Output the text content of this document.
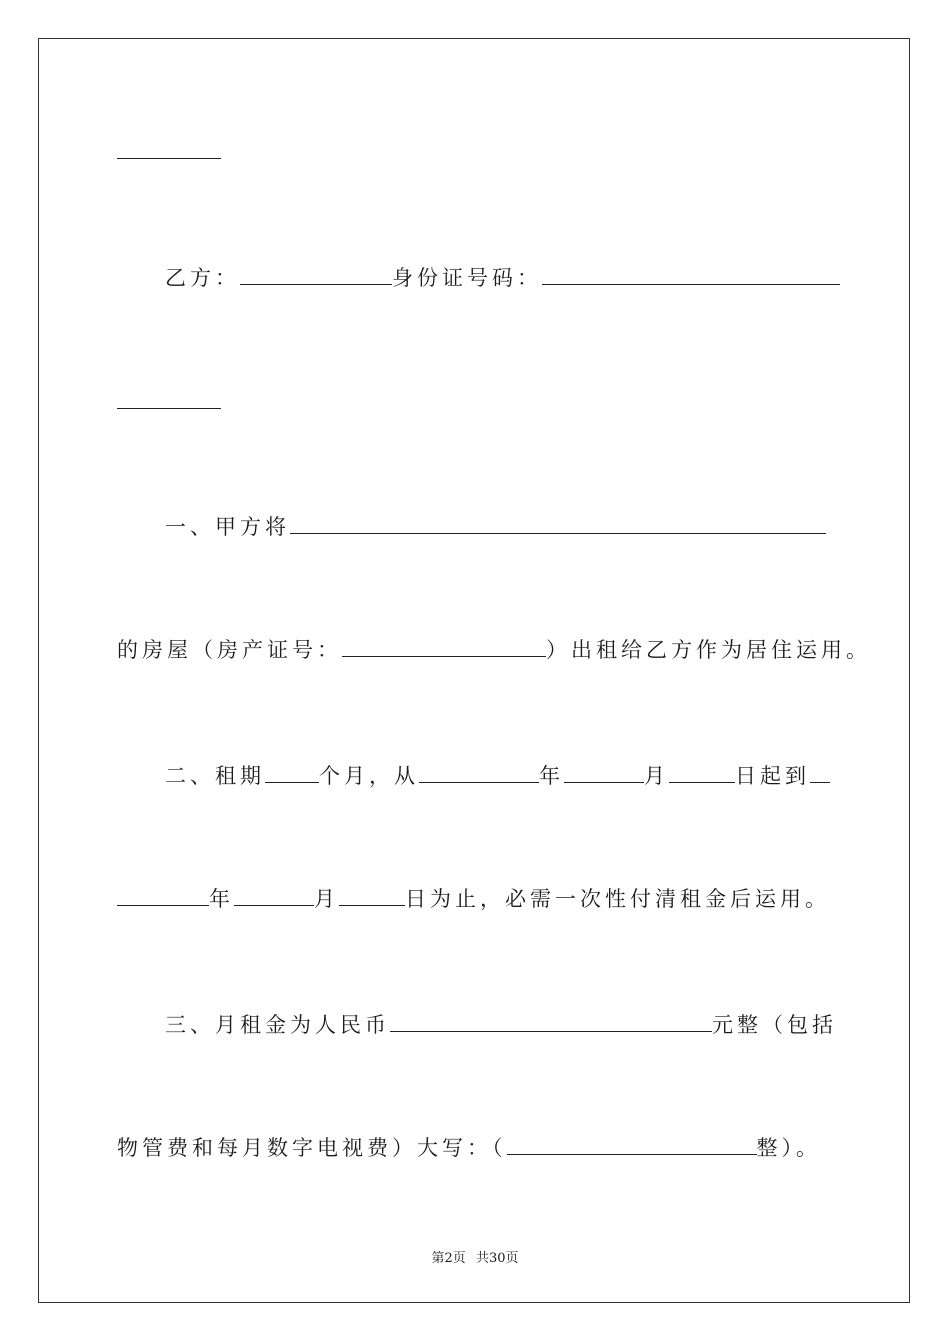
乙方：	身份证号码：
一、甲方将
的房屋（房产证号：	）出租给乙方作为居住运用。
二、租期	个月，从	年	月	日起到
年	月	日为止，必需一次性付清租金后运用。
三、月租金为人民币	元整（包括
物管费和每月数字电视费）大写：（	整）。
第2页 共30页
